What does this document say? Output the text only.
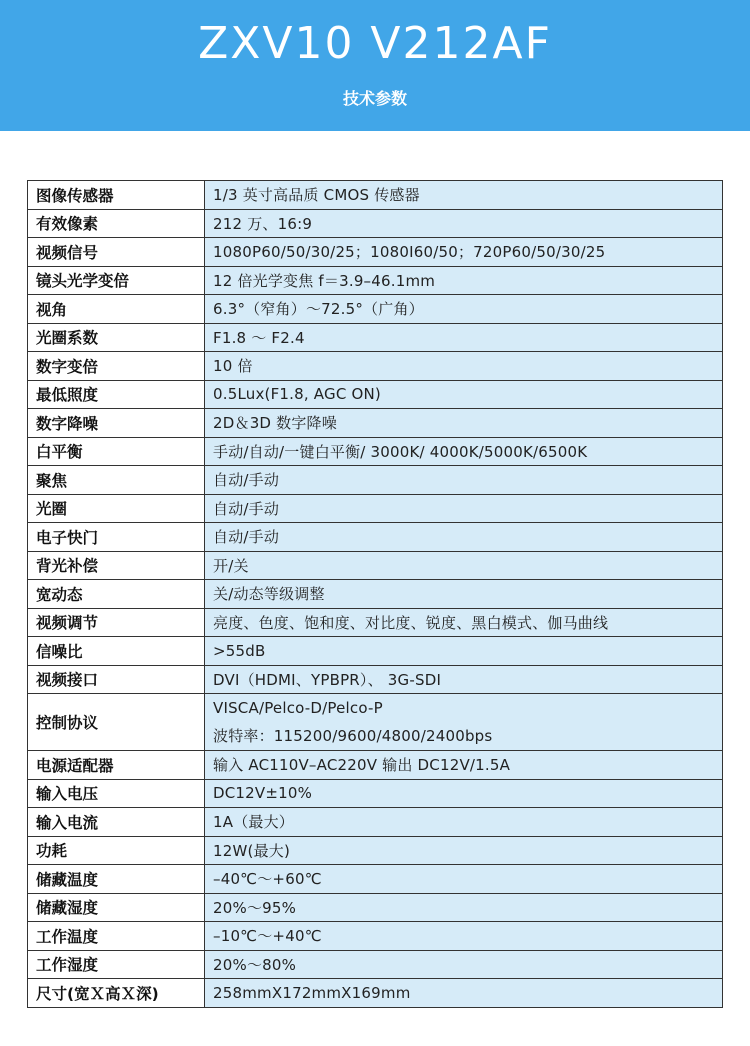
ZXV10 V212AF
技术参数
图像传感器	1/3 英寸高品质 CMOS 传感器
有效像素	212 万、16:9
视频信号	1080P60/50/30/25；1080I60/50；720P60/50/30/25
镜头光学变倍	12 倍光学变焦 f＝3.9–46.1mm
视角	6.3°（窄角）～72.5°（广角）
光圈系数	F1.8 ～ F2.4
数字变倍	10 倍
最低照度	0.5Lux(F1.8, AGC ON)
数字降噪	2D＆3D 数字降噪
白平衡	手动/自动/一键白平衡/ 3000K/ 4000K/5000K/6500K
聚焦	自动/手动
光圈	自动/手动
电子快门	自动/手动
背光补偿	开/关
宽动态	关/动态等级调整
视频调节	亮度、色度、饱和度、对比度、锐度、黑白模式、伽马曲线
信噪比	>55dB
视频接口	DVI（HDMI、YPBPR）、 3G-SDI
控制协议	VISCA/Pelco-D/Pelco-P
波特率：115200/9600/4800/2400bps

电源适配器	输入 AC110V–AC220V 输出 DC12V/1.5A
输入电压	DC12V±10%
输入电流	1A（最大）
功耗	12W(最大)
储藏温度	–40℃～+60℃
储藏湿度	20%～95%
工作温度	–10℃～+40℃
工作湿度	20%～80%
尺寸(宽Ｘ高Ｘ深)	258mmX172mmX169mm
